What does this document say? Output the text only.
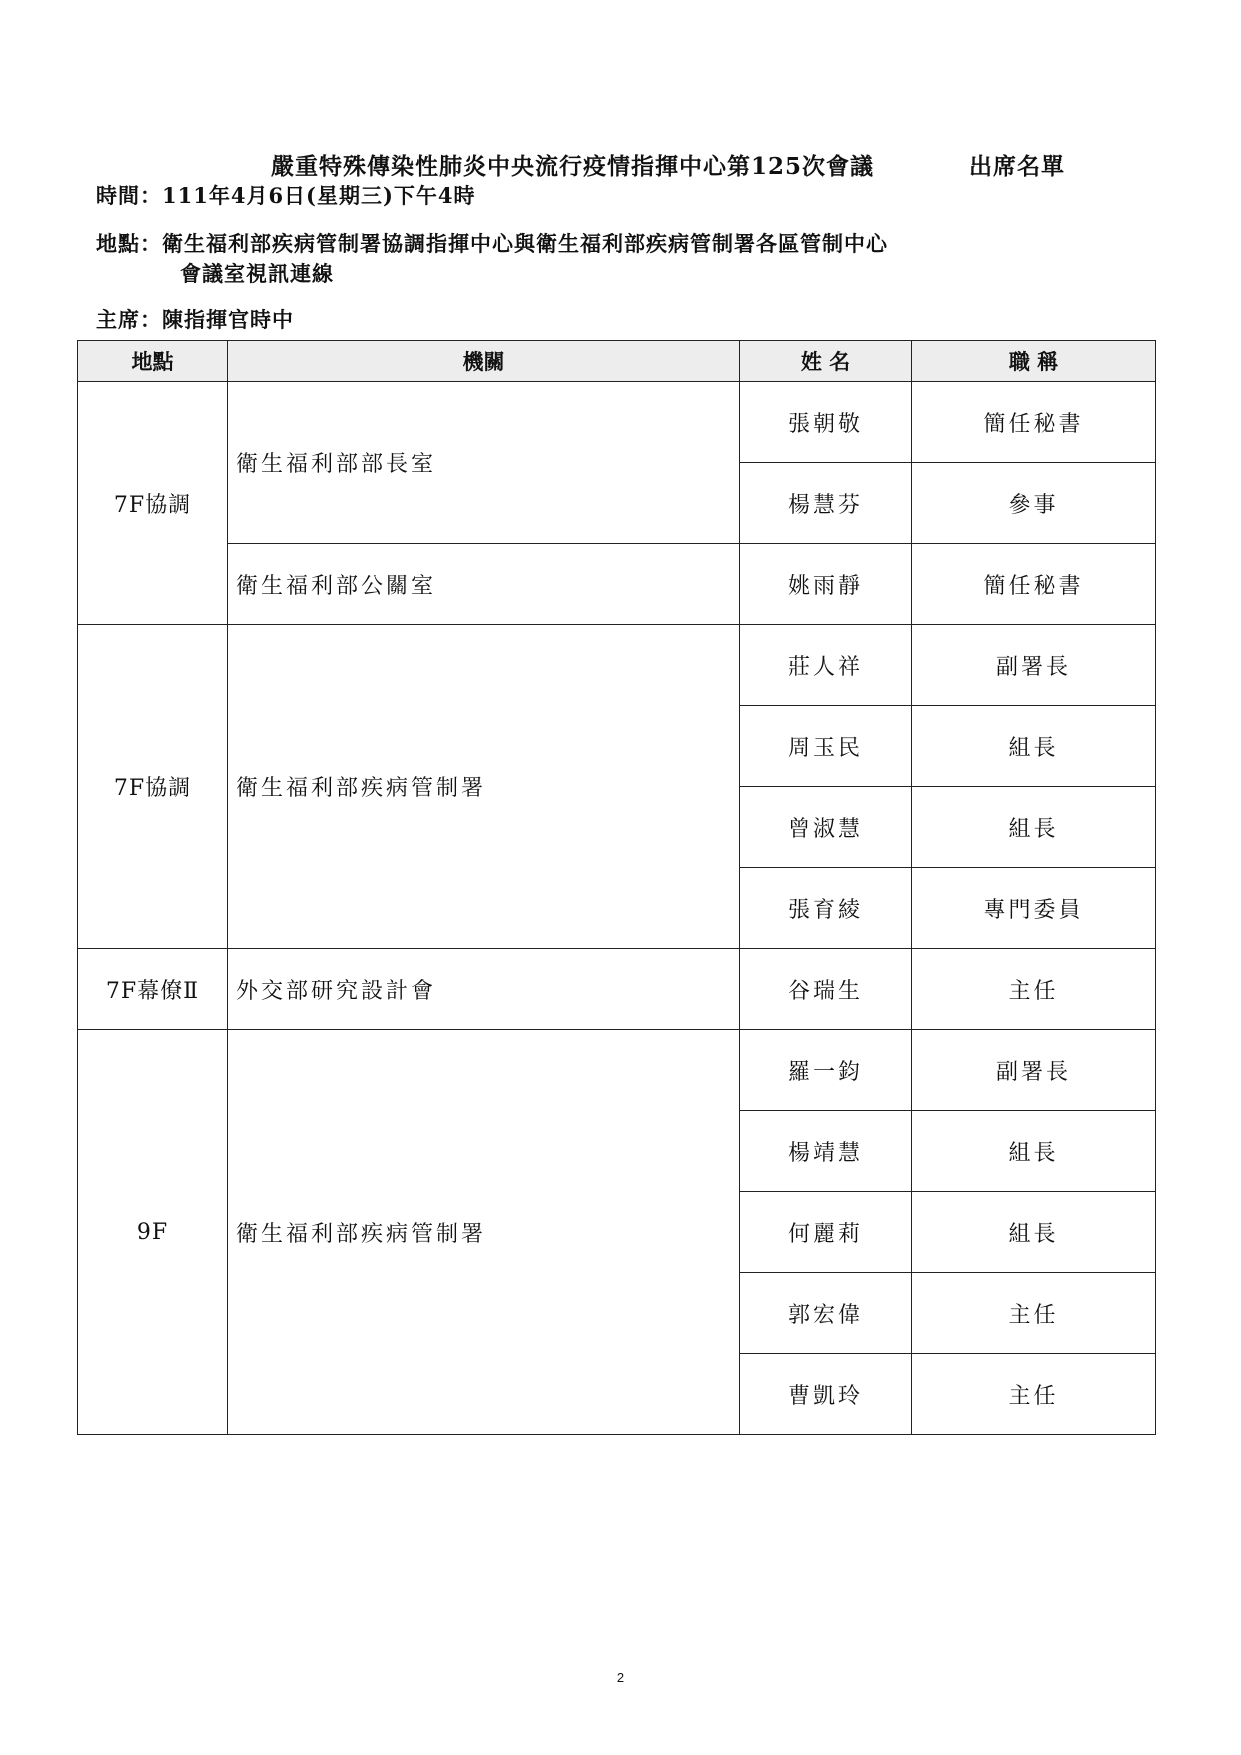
嚴重特殊傳染性肺炎中央流行疫情指揮中心第125次會議	出席名單
時間：111年4月6日(星期三)下午4時
地點：衛生福利部疾病管制署協調指揮中心與衛生福利部疾病管制署各區管制中心
會議室視訊連線
主席：陳指揮官時中
地點	機關	姓 名	職 稱
7F協調	衛生福利部部長室	張朝敬	簡任秘書
		楊慧芬	參事
	衛生福利部公關室	姚雨靜	簡任秘書
7F協調	衛生福利部疾病管制署	莊人祥	副署長
		周玉民	組長
		曾淑慧	組長
		張育綾	專門委員
7F幕僚Ⅱ	外交部研究設計會	谷瑞生	主任
9F	衛生福利部疾病管制署	羅一鈞	副署長
		楊靖慧	組長
		何麗莉	組長
		郭宏偉	主任
		曹凱玲	主任
2
